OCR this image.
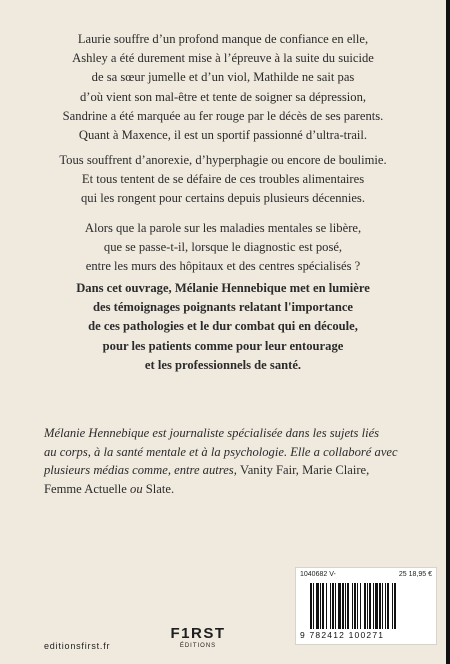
Laurie souffre d’un profond manque de confiance en elle,
Ashley a été durement mise à l’épreuve à la suite du suicide
de sa sœur jumelle et d’un viol, Mathilde ne sait pas
d’où vient son mal-être et tente de soigner sa dépression,
Sandrine a été marquée au fer rouge par le décès de ses parents.
Quant à Maxence, il est un sportif passionné d’ultra-trail.
Tous souffrent d’anorexie, d’hyperphagie ou encore de boulimie.
Et tous tentent de se défaire de ces troubles alimentaires
qui les rongent pour certains depuis plusieurs décennies.
Alors que la parole sur les maladies mentales se libère,
que se passe-t-il, lorsque le diagnostic est posé,
entre les murs des hôpitaux et des centres spécialisés ?
Dans cet ouvrage, Mélanie Hennebique met en lumière
des témoignages poignants relatant l'importance
de ces pathologies et le dur combat qui en découle,
pour les patients comme pour leur entourage
et les professionnels de santé.
Mélanie Hennebique est journaliste spécialisée dans les sujets liés
au corps, à la santé mentale et à la psychologie. Elle a collaboré avec
plusieurs médias comme, entre autres, Vanity Fair, Marie Claire,
Femme Actuelle ou Slate.
1040682 V-	25 18,95 €
9 782412 100271
editionsfirst.fr
F1RST
ÉDITIONS
